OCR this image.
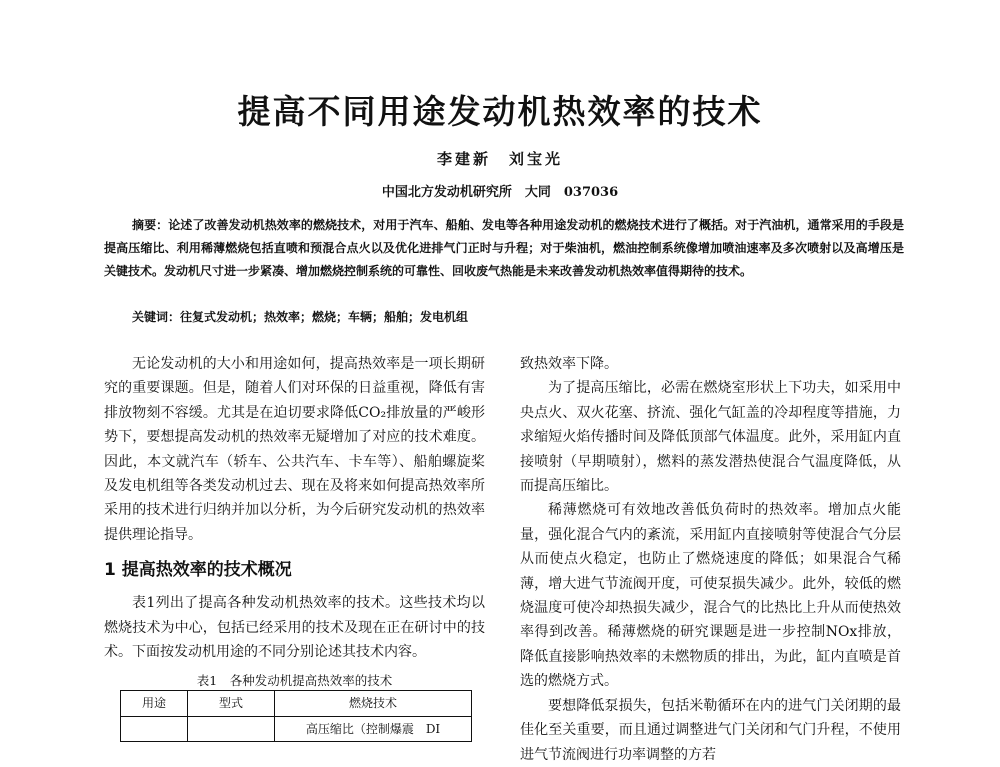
提高不同用途发动机热效率的技术
李建新　刘宝光
中国北方发动机研究所　大同　037036

摘要：论述了改善发动机热效率的燃烧技术，对用于汽车、船舶、发电等各种用途发动机的燃烧技术进行了概括。对于汽油机，通常采用的手段是提高压缩比、利用稀薄燃烧包括直喷和预混合点火以及优化进排气门正时与升程；对于柴油机，燃油控制系统像增加喷油速率及多次喷射以及高增压是关键技术。发动机尺寸进一步紧凑、增加燃烧控制系统的可靠性、回收废气热能是未来改善发动机热效率值得期待的技术。

关键词：往复式发动机；热效率；燃烧；车辆；船舶；发电机组

无论发动机的大小和用途如何，提高热效率是一项长期研究的重要课题。但是，随着人们对环保的日益重视，降低有害排放物刻不容缓。尤其是在迫切要求降低CO₂排放量的严峻形势下，要想提高发动机的热效率无疑增加了对应的技术难度。因此，本文就汽车（轿车、公共汽车、卡车等）、船舶螺旋桨及发电机组等各类发动机过去、现在及将来如何提高热效率所采用的技术进行归纳并加以分析，为今后研究发动机的热效率提供理论指导。

1 提高热效率的技术概况

表1列出了提高各种发动机热效率的技术。这些技术均以燃烧技术为中心，包括已经采用的技术及现在正在研讨中的技术。下面按发动机用途的不同分别论述其技术内容。

表1　各种发动机提高热效率的技术
用途	型式	燃烧技术
		高压缩比（控制爆震　DI

致热效率下降。

为了提高压缩比，必需在燃烧室形状上下功夫，如采用中央点火、双火花塞、挤流、强化气缸盖的冷却程度等措施，力求缩短火焰传播时间及降低顶部气体温度。此外，采用缸内直接喷射（早期喷射），燃料的蒸发潜热使混合气温度降低，从而提高压缩比。

稀薄燃烧可有效地改善低负荷时的热效率。增加点火能量，强化混合气内的紊流，采用缸内直接喷射等使混合气分层从而使点火稳定，也防止了燃烧速度的降低；如果混合气稀薄，增大进气节流阀开度，可使泵损失减少。此外，较低的燃烧温度可使冷却热损失减少，混合气的比热比上升从而使热效率得到改善。稀薄燃烧的研究课题是进一步控制NOx排放，降低直接影响热效率的未燃物质的排出，为此，缸内直喷是首选的燃烧方式。

要想降低泵损失，包括米勒循环在内的进气门关闭期的最佳化至关重要，而且通过调整进气门关闭和气门升程，不使用进气节流阀进行功率调整的方若
